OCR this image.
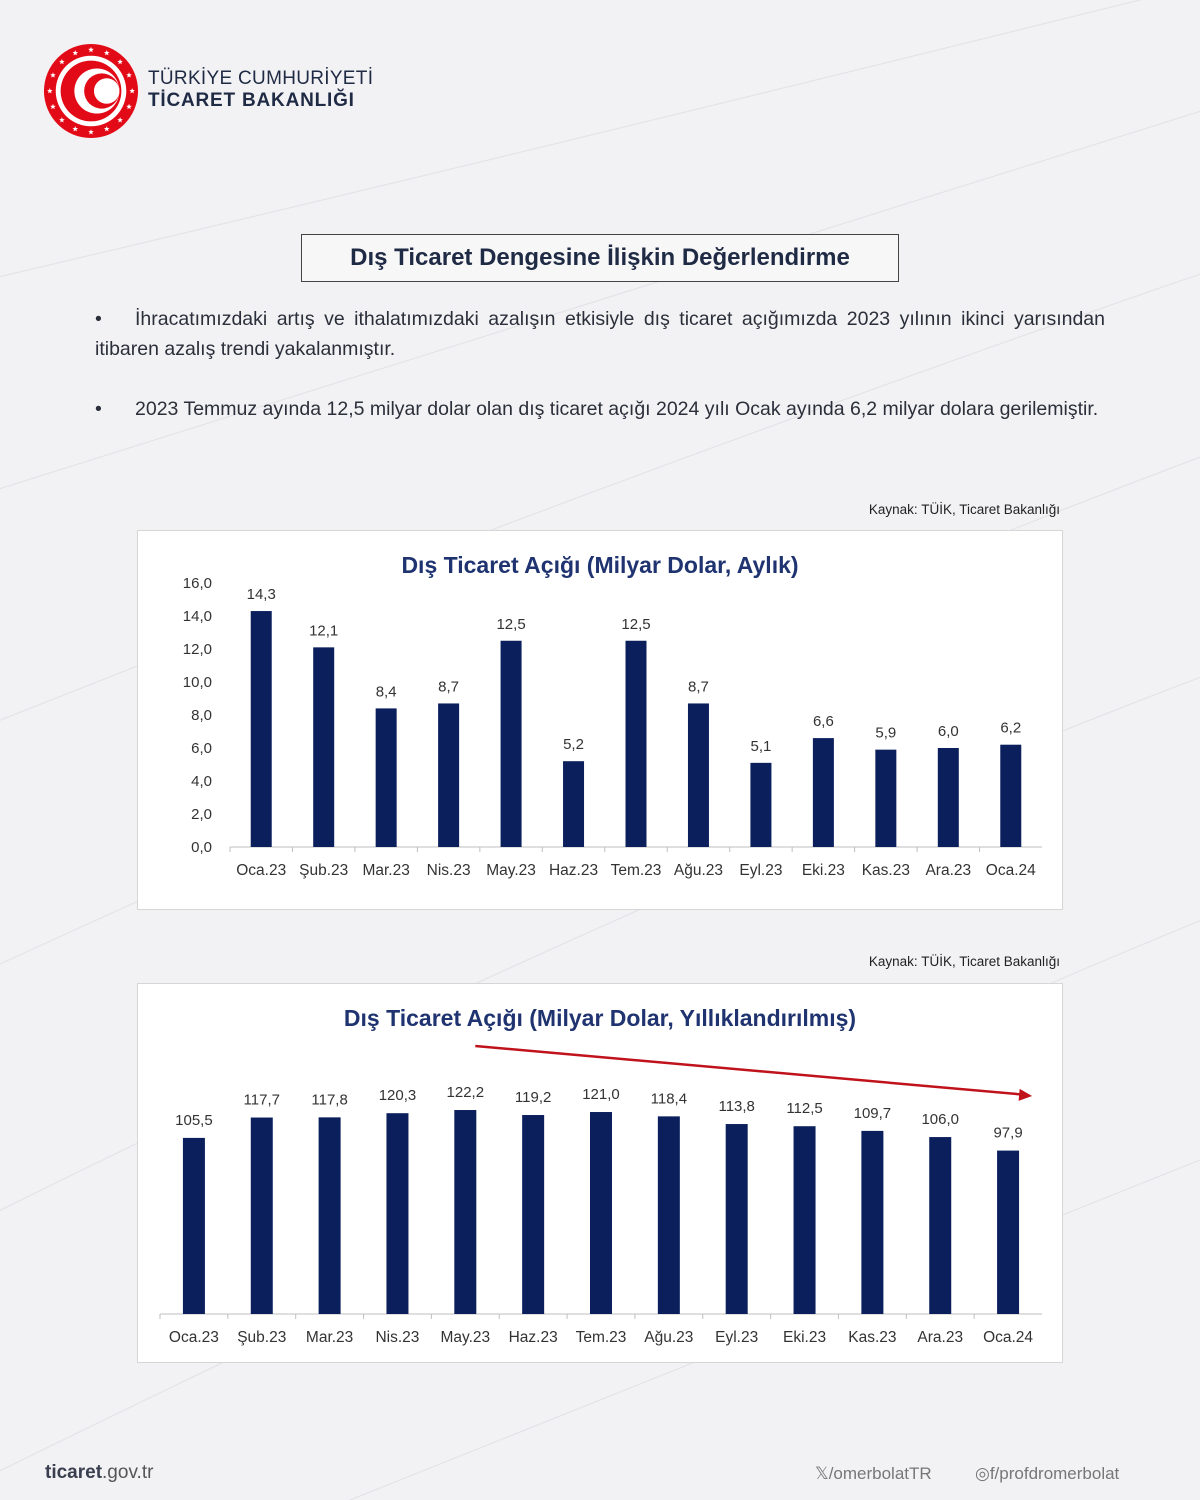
TÜRKİYE CUMHURİYETİ
TİCARET BAKANLIĞI
Dış Ticaret Dengesine İlişkin Değerlendirme
•	İhracatımızdaki artış ve ithalatımızdaki azalışın etkisiyle dış ticaret açığımızda 2023 yılının ikinci yarısından itibaren azalış trendi yakalanmıştır.
•	2023 Temmuz ayında 12,5 milyar dolar olan dış ticaret açığı 2024 yılı Ocak ayında 6,2 milyar dolara gerilemiştir.
Kaynak: TÜİK, Ticaret Bakanlığı
Dış Ticaret Açığı (Milyar Dolar, Aylık)
0,0
2,0
4,0
6,0
8,0
10,0
12,0
14,0
16,0
14,3
Oca.23
12,1
Şub.23
8,4
Mar.23
8,7
Nis.23
12,5
May.23
5,2
Haz.23
12,5
Tem.23
8,7
Ağu.23
5,1
Eyl.23
6,6
Eki.23
5,9
Kas.23
6,0
Ara.23
6,2
Oca.24
Kaynak: TÜİK, Ticaret Bakanlığı
Dış Ticaret Açığı (Milyar Dolar, Yıllıklandırılmış)
105,5
Oca.23
117,7
Şub.23
117,8
Mar.23
120,3
Nis.23
122,2
May.23
119,2
Haz.23
121,0
Tem.23
118,4
Ağu.23
113,8
Eyl.23
112,5
Eki.23
109,7
Kas.23
106,0
Ara.23
97,9
Oca.24
ticaret.gov.tr	𝕏/omerbolatTR	◎f/profdromerbolat
